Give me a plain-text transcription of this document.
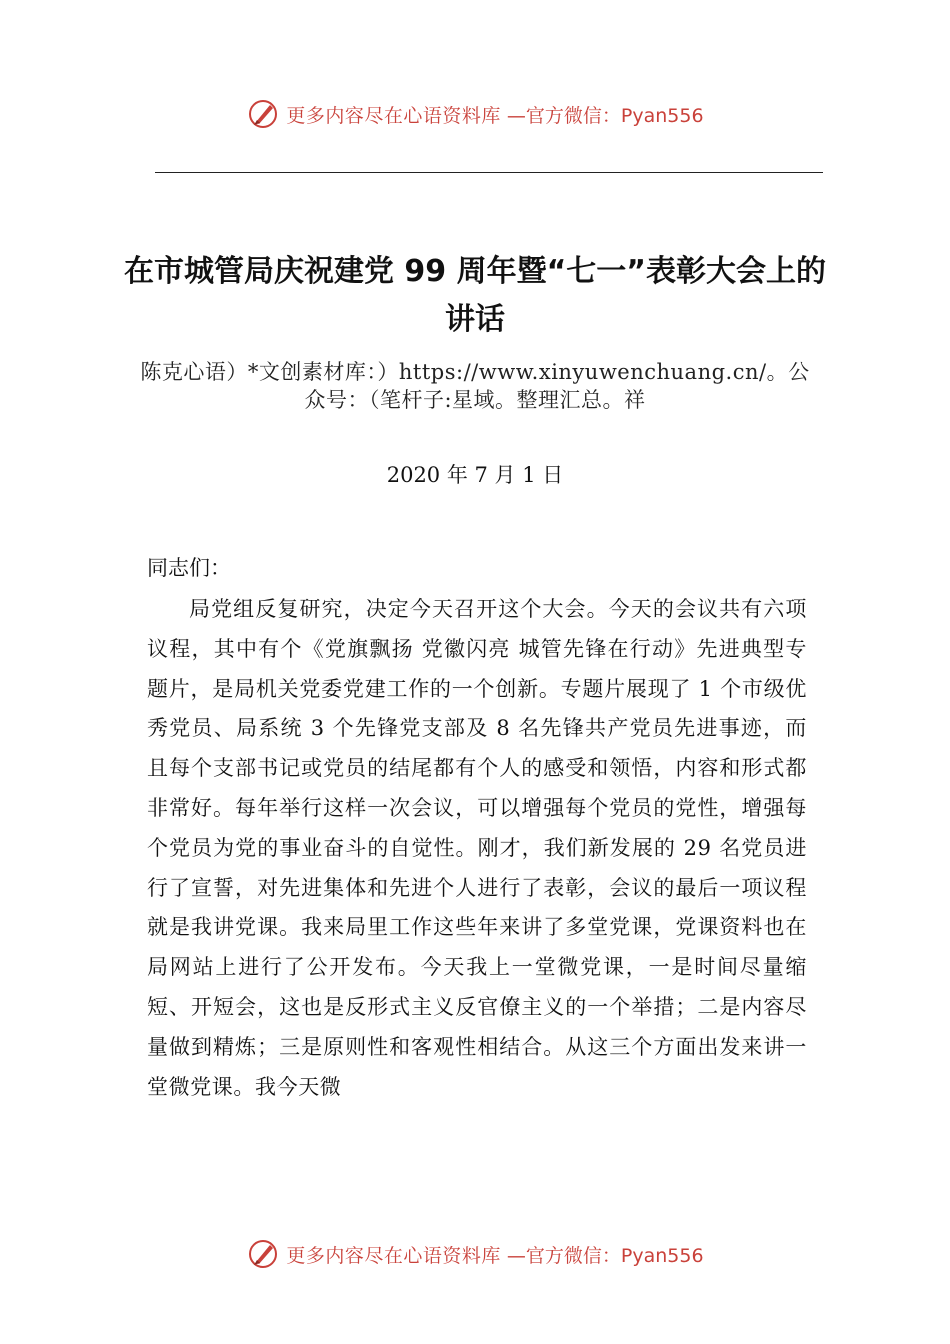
更多内容尽在心语资料库 —官方微信：Pyan556
在市城管局庆祝建党 99 周年暨“七一”表彰大会上的讲话
陈克心语）*文创素材库：）https://www.xinyuwenchuang.cn/。公众号：（笔杆子:星域。整理汇总。祥
2020 年 7 月 1 日
同志们：

局党组反复研究，决定今天召开这个大会。今天的会议共有六项议程，其中有个《党旗飘扬 党徽闪亮 城管先锋在行动》先进典型专题片，是局机关党委党建工作的一个创新。专题片展现了 1 个市级优秀党员、局系统 3 个先锋党支部及 8 名先锋共产党员先进事迹，而且每个支部书记或党员的结尾都有个人的感受和领悟，内容和形式都非常好。每年举行这样一次会议，可以增强每个党员的党性，增强每个党员为党的事业奋斗的自觉性。刚才，我们新发展的 29 名党员进行了宣誓，对先进集体和先进个人进行了表彰，会议的最后一项议程就是我讲党课。我来局里工作这些年来讲了多堂党课，党课资料也在局网站上进行了公开发布。今天我上一堂微党课，一是时间尽量缩短、开短会，这也是反形式主义反官僚主义的一个举措；二是内容尽量做到精炼；三是原则性和客观性相结合。从这三个方面出发来讲一堂微党课。我今天微

更多内容尽在心语资料库 —官方微信：Pyan556
